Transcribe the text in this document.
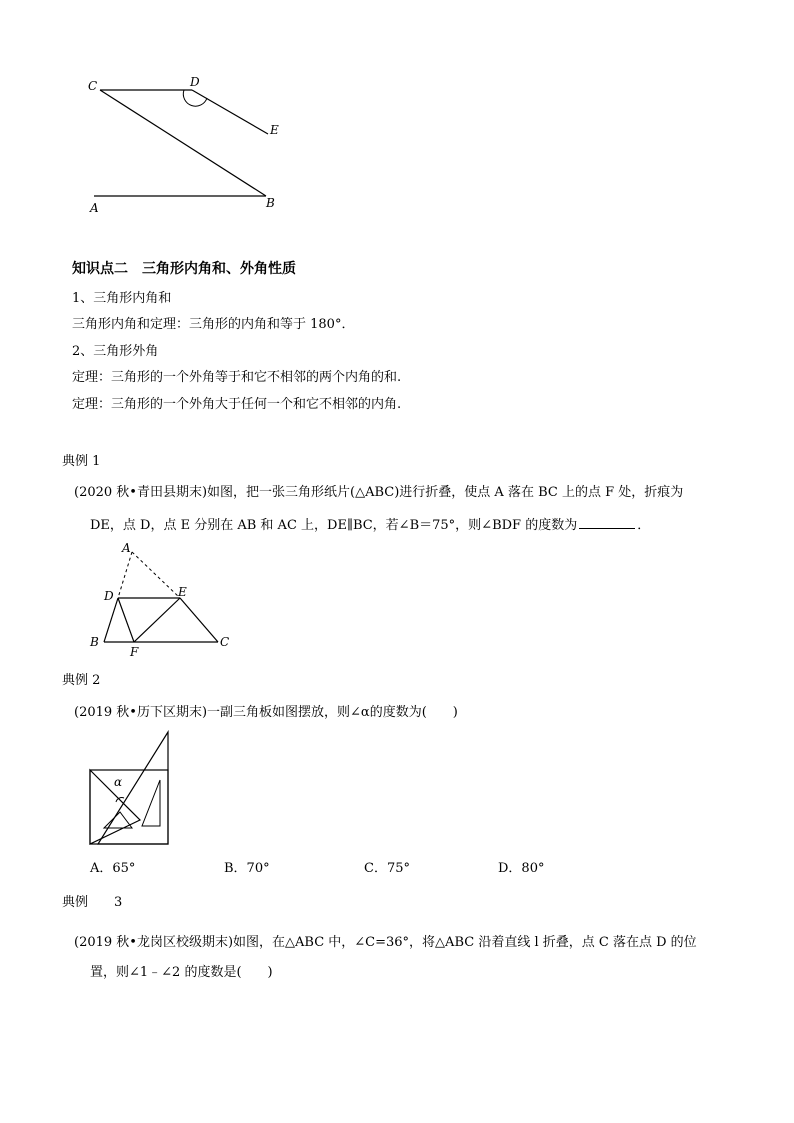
C	D
E
A	B
知识点二　三角形内角和、外角性质
1、三角形内角和
三角形内角和定理：三角形的内角和等于 180°．
2、三角形外角
定理：三角形的一个外角等于和它不相邻的两个内角的和.
定理：三角形的一个外角大于任何一个和它不相邻的内角.
典例 1
(2020 秋•青田县期末)如图，把一张三角形纸片(△ABC)进行折叠，使点 A 落在 BC 上的点 F 处，折痕为
DE，点 D，点 E 分别在 AB 和 AC 上，DE∥BC，若∠B＝75°，则∠BDF 的度数为	．
A
D	E
B
F
C
典例 2
(2019 秋•历下区期末)一副三角板如图摆放，则∠α的度数为(　　)
α
A．65°	B．70°	C．75°	D．80°
典例　　3
(2019 秋•龙岗区校级期末)如图，在△ABC 中，∠C=36°，将△ABC 沿着直线 l 折叠，点 C 落在点 D 的位
置，则∠1﹣∠2 的度数是(　　)
